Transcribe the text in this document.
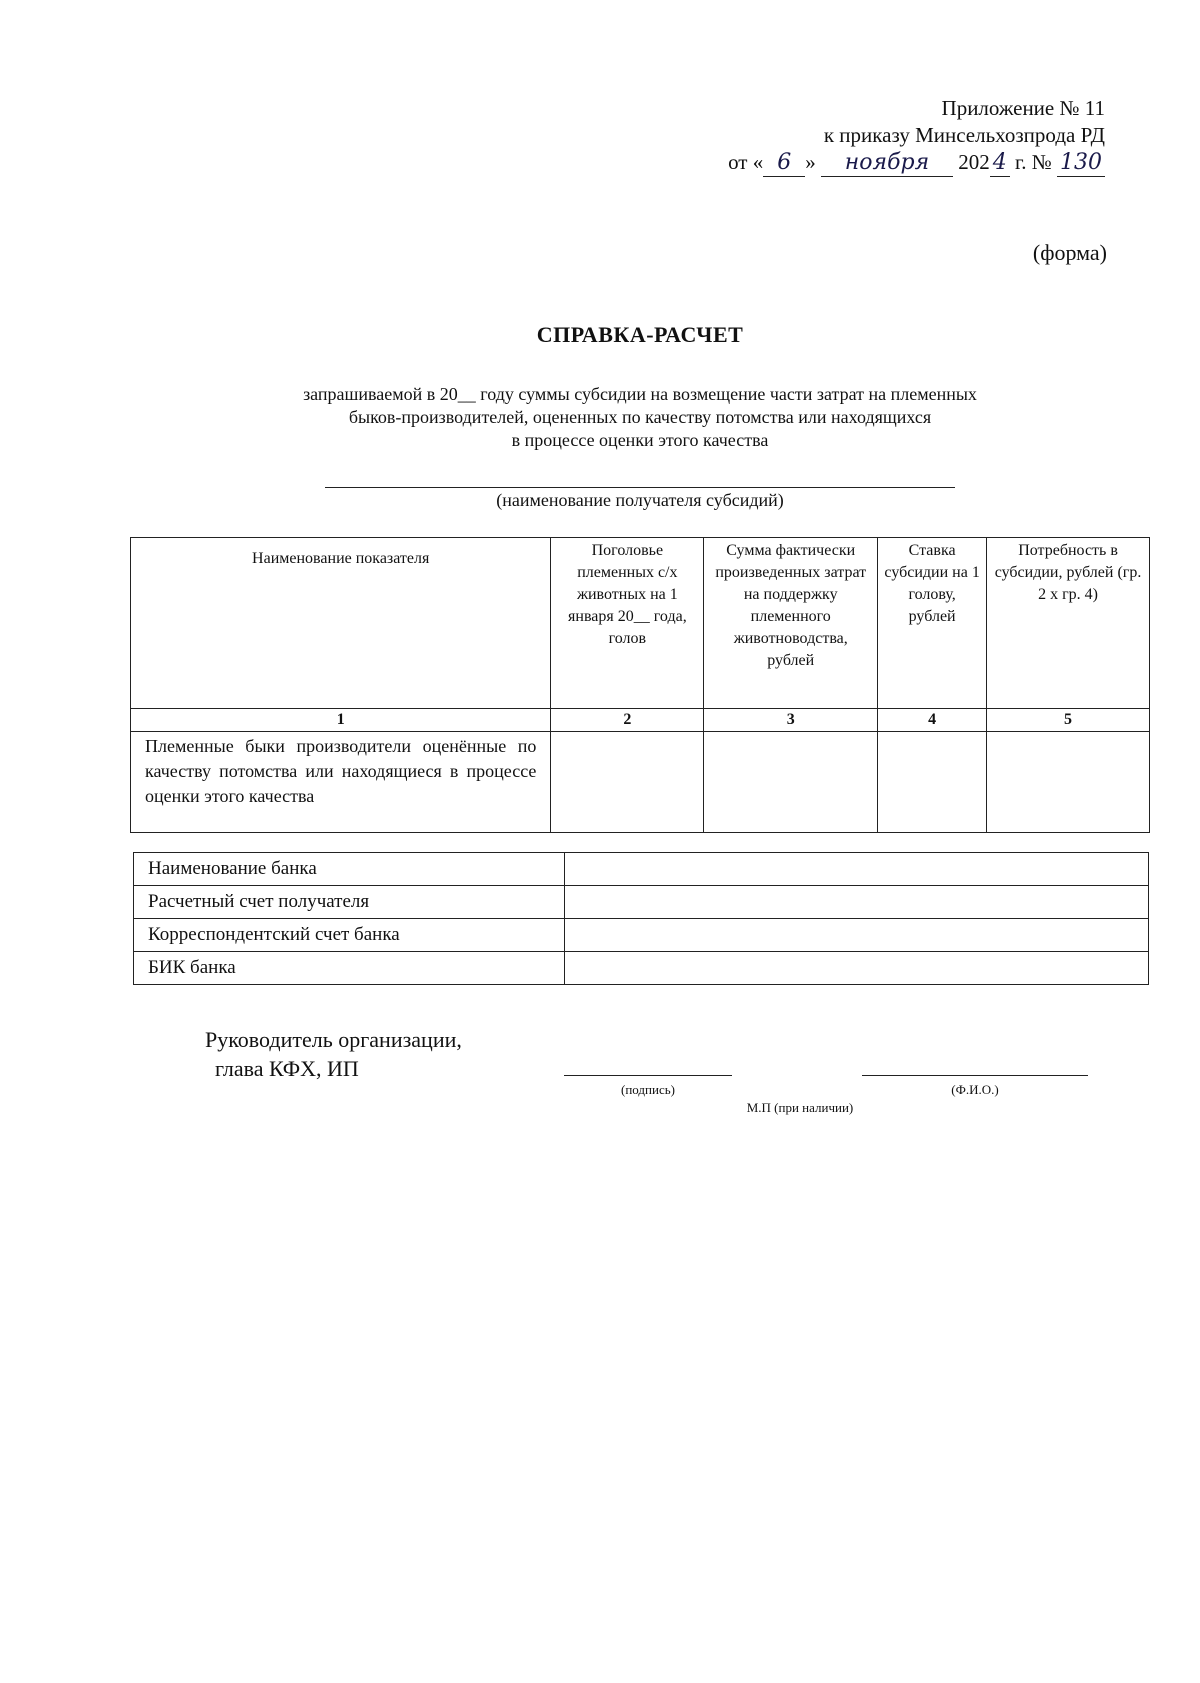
Приложение № 11
к приказу Минсельхозпрода РД
от « 6 » ноября 202 4 г. № 130
(форма)
СПРАВКА-РАСЧЕТ
запрашиваемой в 20__ году суммы субсидии на возмещение части затрат на племенных
быков-производителей, оцененных по качеству потомства или находящихся
в процессе оценки этого качества
(наименование получателя субсидий)
Наименование показателя	Поголовье племенных с/х животных на 1 января 20__ года, голов	Сумма фактически произведенных затрат на поддержку племенного животноводства, рублей	Ставка субсидии на 1 голову, рублей	Потребность в субсидии, рублей (гр. 2 х гр. 4)
1	2	3	4	5
Племенные быки производители оценённые по качеству потомства или находящиеся в процессе оценки этого качества				
Наименование банка	
Расчетный счет получателя	
Корреспондентский счет банка	
БИК банка	
Руководитель организации,
глава КФХ, ИП
(подпись)	(Ф.И.О.)
М.П (при наличии)
